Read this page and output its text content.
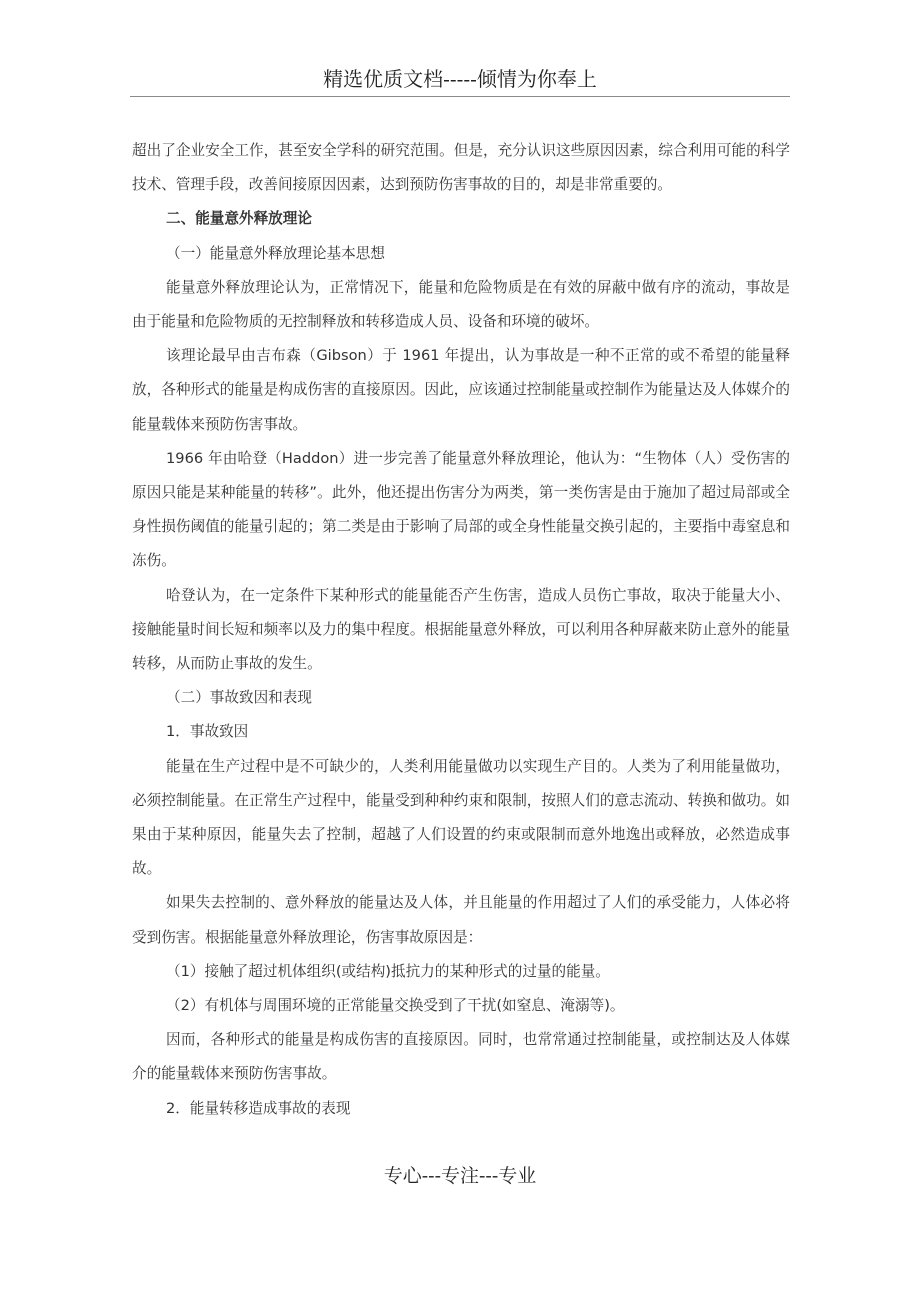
精选优质文档-----倾情为你奉上

超出了企业安全工作，甚至安全学科的研究范围。但是，充分认识这些原因因素，综合利用可能的科学技术、管理手段，改善间接原因因素，达到预防伤害事故的目的，却是非常重要的。

二、能量意外释放理论

（一）能量意外释放理论基本思想

能量意外释放理论认为，正常情况下，能量和危险物质是在有效的屏蔽中做有序的流动，事故是由于能量和危险物质的无控制释放和转移造成人员、设备和环境的破坏。

该理论最早由吉布森（Gibson）于 1961 年提出，认为事故是一种不正常的或不希望的能量释放，各种形式的能量是构成伤害的直接原因。因此，应该通过控制能量或控制作为能量达及人体媒介的能量载体来预防伤害事故。

1966 年由哈登（Haddon）进一步完善了能量意外释放理论，他认为：“生物体（人）受伤害的原因只能是某种能量的转移”。此外，他还提出伤害分为两类，第一类伤害是由于施加了超过局部或全身性损伤阈值的能量引起的；第二类是由于影响了局部的或全身性能量交换引起的，主要指中毒窒息和冻伤。

哈登认为，在一定条件下某种形式的能量能否产生伤害，造成人员伤亡事故，取决于能量大小、接触能量时间长短和频率以及力的集中程度。根据能量意外释放，可以利用各种屏蔽来防止意外的能量转移，从而防止事故的发生。

（二）事故致因和表现

1．事故致因

能量在生产过程中是不可缺少的，人类利用能量做功以实现生产目的。人类为了利用能量做功，必须控制能量。在正常生产过程中，能量受到种种约束和限制，按照人们的意志流动、转换和做功。如果由于某种原因，能量失去了控制，超越了人们设置的约束或限制而意外地逸出或释放，必然造成事故。

如果失去控制的、意外释放的能量达及人体，并且能量的作用超过了人们的承受能力，人体必将受到伤害。根据能量意外释放理论，伤害事故原因是：

（1）接触了超过机体组织(或结构)抵抗力的某种形式的过量的能量。

（2）有机体与周围环境的正常能量交换受到了干扰(如窒息、淹溺等)。

因而，各种形式的能量是构成伤害的直接原因。同时，也常常通过控制能量，或控制达及人体媒介的能量载体来预防伤害事故。

2．能量转移造成事故的表现

专心---专注---专业
